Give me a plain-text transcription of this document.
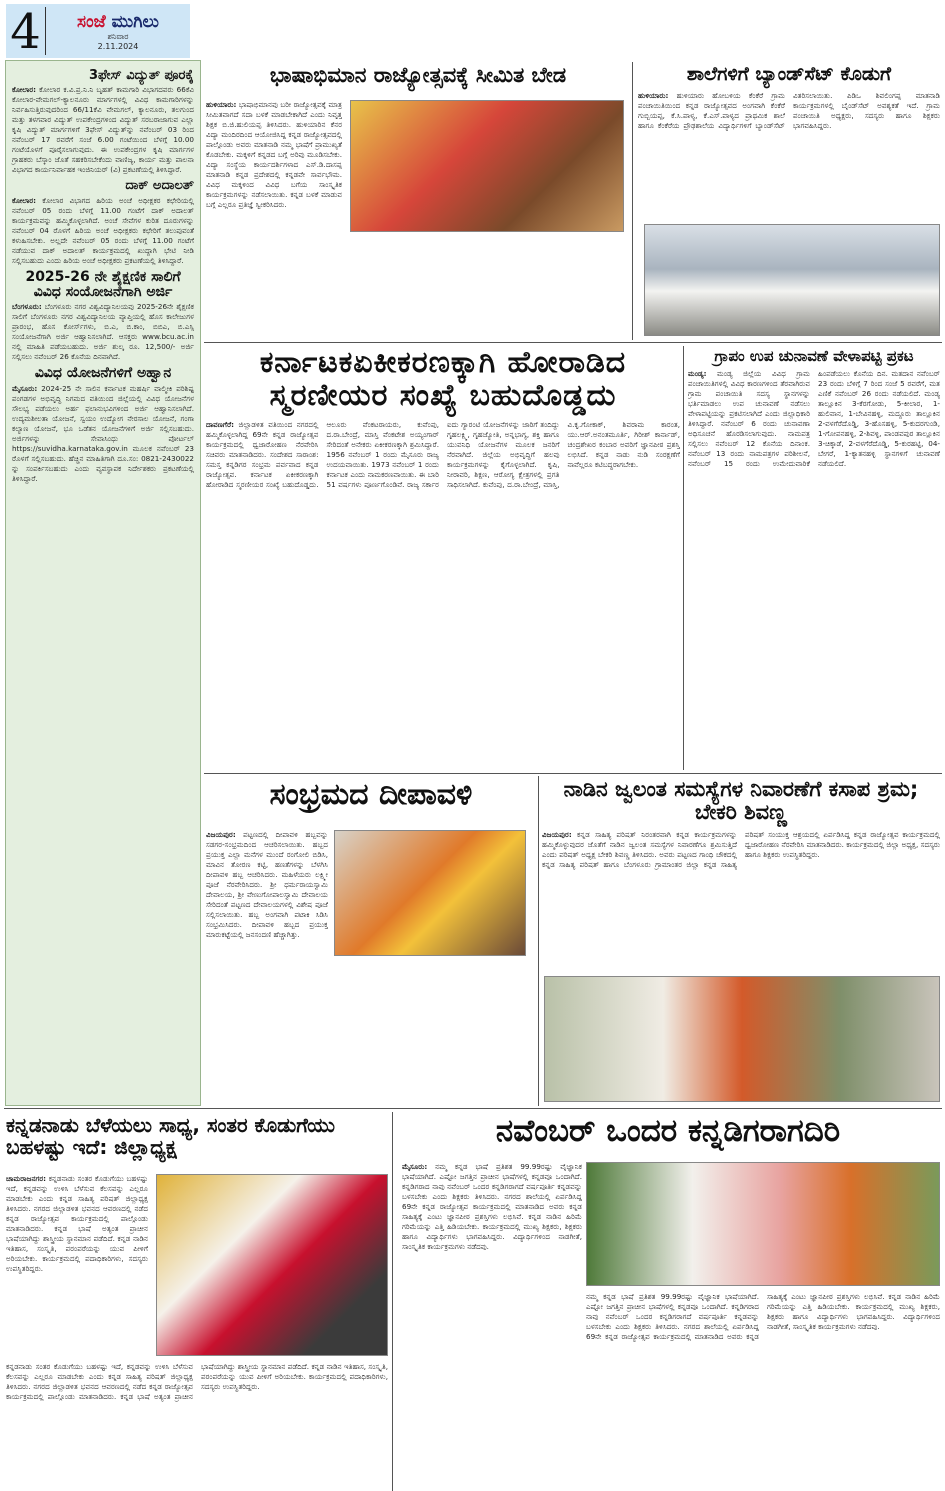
4	ಸಂಜೆ ಮುಗಿಲು
ಶನಿವಾರ
2.11.2024
3ಫೇಸ್ ವಿದ್ಯುತ್ ಪೂರಕೈ

ಕೋಲಾರ: ಕೋಲಾರ ಕ.ವಿ.ಪ್ರ.ನಿ.ನಿ ಬೃಹತ್ ಕಾಮಗಾರಿ ವಿಭಾಗದವರು 66ಕೆವಿ ಕೋಲಾರ-ವೇಮಗಲ್-ಕ್ಯಾಲನೂರು ಮಾರ್ಗಗಳಲ್ಲಿ ವಿವಿಧ ಕಾಮಗಾರಿಗಳನ್ನು ನಿರ್ವಹಿಸುತ್ತಿರುವುದರಿಂದ 66/11ಕೆವಿ ವೇಮಗಲ್, ಕ್ಯಾಲನೂರು, ತಲಗುಂದ ಮತ್ತು ತಳಗವಾರ ವಿದ್ಯುತ್ ಉಪಕೇಂದ್ರಗಳಿಂದ ವಿದ್ಯುತ್ ಸರಬರಾಜಾಗುವ ಎಲ್ಲಾ ಕೃಷಿ ವಿದ್ಯುತ್ ಮಾರ್ಗಗಳಿಗೆ 3ಫೇಸ್ ವಿದ್ಯುತ್‌ನ್ನು ನವೆಂಬರ್ 03 ರಿಂದ ನವೆಂಬರ್ 17 ರವರೆಗೆ ಸಂಜೆ 6.00 ಗಂಟೆಯಿಂದ ಬೆಳಗ್ಗೆ 10.00 ಗಂಟೆಯೊಳಗೆ ಪೂರೈಸಲಾಗುವುದು. ಈ ಉಪಕೇಂದ್ರಗಳ ಕೃಷಿ ಮಾರ್ಗಗಳ ಗ್ರಾಹಕರು ಬೆಸ್ಕಾಂ ಜೊತೆ ಸಹಕರಿಸಬೇಕೆಂದು ವಾಣಿಜ್ಯ, ಕಾರ್ಯ ಮತ್ತು ಪಾಲನಾ ವಿಭಾಗದ ಕಾರ್ಯನಿರ್ವಾಹಕ ಇಂಜಿನಿಯರ್ (ವಿ) ಪ್ರಕಟಣೆಯಲ್ಲಿ ತಿಳಿಸಿದ್ದಾರೆ.

ದಾಕ್ ಅದಾಲತ್

ಕೋಲಾರ: ಕೋಲಾರ ವಿಭಾಗದ ಹಿರಿಯ ಅಂಚೆ ಅಧೀಕ್ಷಕರ ಕಛೇರಿಯಲ್ಲಿ ನವೆಂಬರ್ 05 ರಂದು ಬೆಳಗ್ಗೆ 11.00 ಗಂಟೆಗೆ ದಾಕ್ ಅದಾಲತ್ ಕಾರ್ಯಕ್ರಮವನ್ನು ಹಮ್ಮಿಕೊಳ್ಳಲಾಗಿದೆ. ಅಂಚೆ ಸೇವೆಗಳ ಕುರಿತ ದೂರುಗಳನ್ನು ನವೆಂಬರ್ 04 ರೊಳಗೆ ಹಿರಿಯ ಅಂಚೆ ಅಧೀಕ್ಷಕರು ಕಛೇರಿಗೆ ತಲುಪುವಂತೆ ಕಳುಹಿಸಬೇಕು. ಅಲ್ಲದೇ ನವೆಂಬರ್ 05 ರಂದು ಬೆಳಗ್ಗೆ 11.00 ಗಂಟೆಗೆ ನಡೆಯುವ ದಾಕ್ ಅದಾಲತ್ ಕಾರ್ಯಕ್ರಮದಲ್ಲಿ ಖುದ್ದಾಗಿ ಭೇಟಿ ನೀಡಿ ಸಲ್ಲಿಸಬಹುದು ಎಂದು ಹಿರಿಯ ಅಂಚೆ ಅಧೀಕ್ಷಕರು ಪ್ರಕಟಣೆಯಲ್ಲಿ ತಿಳಿಸಿದ್ದಾರೆ.

2025-26 ನೇ ಶೈಕ್ಷಣಿಕ ಸಾಲಿಗೆ ವಿವಿಧ ಸಂಯೋಜನೆಗಾಗಿ ಅರ್ಜಿ

ಬೆಂಗಳೂರು: ಬೆಂಗಳೂರು ನಗರ ವಿಶ್ವವಿದ್ಯಾನಿಲಯವು 2025-26ನೇ ಶೈಕ್ಷಣಿಕ ಸಾಲಿಗೆ ಬೆಂಗಳೂರು ನಗರ ವಿಶ್ವವಿದ್ಯಾನಿಲಯ ವ್ಯಾಪ್ತಿಯಲ್ಲಿ ಹೊಸ ಕಾಲೇಜುಗಳ ಪ್ರಾರಂಭ, ಹೊಸ ಕೋರ್ಸ್‌ಗಳು, ಬಿ.ಎ, ಬಿ.ಕಾಂ, ಬಿಬಿಎ, ಬಿ.ಎಸ್ಸಿ ಸಂಯೋಜನೆಗಾಗಿ ಅರ್ಜಿ ಆಹ್ವಾನಿಸಲಾಗಿದೆ. ಆಸಕ್ತರು www.bcu.ac.in ನಲ್ಲಿ ಮಾಹಿತಿ ಪಡೆಯಬಹುದು. ಅರ್ಜಿ ಶುಲ್ಕ ರೂ. 12,500/- ಅರ್ಜಿ ಸಲ್ಲಿಸಲು ನವೆಂಬರ್ 26 ಕೊನೆಯ ದಿನವಾಗಿದೆ.

ವಿವಿಧ ಯೋಜನೆಗಳಿಗೆ ಅಹ್ವಾನ

ಮೈಸೂರು: 2024-25 ನೇ ಸಾಲಿನ ಕರ್ನಾಟಕ ಮಹರ್ಷಿ ವಾಲ್ಮೀಕಿ ಪರಿಶಿಷ್ಟ ಪಂಗಡಗಳ ಅಭಿವೃದ್ಧಿ ನಿಗಮದ ವತಿಯಿಂದ ಜಿಲ್ಲೆಯಲ್ಲಿ ವಿವಿಧ ಯೋಜನೆಗಳ ಸೌಲಭ್ಯ ಪಡೆಯಲು ಅರ್ಹ ಫಲಾನುಭವಿಗಳಿಂದ ಅರ್ಜಿ ಆಹ್ವಾನಿಸಲಾಗಿದೆ. ಉದ್ಯಮಶೀಲತಾ ಯೋಜನೆ, ಸ್ವಯಂ ಉದ್ಯೋಗ ನೇರಸಾಲ ಯೋಜನೆ, ಗಂಗಾ ಕಲ್ಯಾಣ ಯೋಜನೆ, ಭೂ ಒಡೆತನ ಯೋಜನೆಗಳಿಗೆ ಅರ್ಜಿ ಸಲ್ಲಿಸಬಹುದು. ಅರ್ಜಿಗಳನ್ನು ಸೇವಾಸಿಂಧು ಪೋರ್ಟಲ್ https://suvidha.karnataka.gov.in ಮೂಲಕ ನವೆಂಬರ್ 23 ರೊಳಗೆ ಸಲ್ಲಿಸಬಹುದು. ಹೆಚ್ಚಿನ ಮಾಹಿತಿಗಾಗಿ ದೂ.ಸಂ: 0821-2430022 ನ್ನು ಸಂಪರ್ಕಿಸಬಹುದು ಎಂದು ವ್ಯವಸ್ಥಾಪಕ ನಿರ್ದೇಶಕರು ಪ್ರಕಟಣೆಯಲ್ಲಿ ತಿಳಿಸಿದ್ದಾರೆ.

ಭಾಷಾಭಿಮಾನ ರಾಜ್ಯೋತ್ಸವಕ್ಕೆ ಸೀಮಿತ ಬೇಡ

ಹುಳಿಯಾರು: ಭಾಷಾಭಿಮಾನವು ಬರೀ ರಾಜ್ಯೋತ್ಸವಕ್ಕೆ ಮಾತ್ರ ಸೀಮಿತವಾಗದೆ ಸದಾ ಬಳಕೆ ಮಾಡಬೇಕಾಗಿದೆ ಎಂದು ನಿವೃತ್ತ ಶಿಕ್ಷಕ ಬಿ.ಜಿ.ಹುಲಿಯಪ್ಪ ತಿಳಿಸಿದರು. ಹುಳಿಯಾರಿನ ಕೆನರ ವಿದ್ಯಾ ಮಂದಿರದಿಂದ ಆಯೋಜಿಸಿದ್ದ ಕನ್ನಡ ರಾಜ್ಯೋತ್ಸವದಲ್ಲಿ ಪಾಲ್ಗೊಂಡು ಅವರು ಮಾತನಾಡಿ ನಮ್ಮ ಭಾಷೆಗೆ ಪ್ರಾಮುಖ್ಯತೆ ಕೊಡಬೇಕು. ಮಕ್ಕಳಿಗೆ ಕನ್ನಡದ ಬಗ್ಗೆ ಅರಿವು ಮೂಡಿಸಬೇಕು. ವಿದ್ಯಾ ಸಂಸ್ಥೆಯ ಕಾರ್ಯದರ್ಶಿಗಳಾದ ಎಸ್.ಡಿ.ದಾಸಪ್ಪ ಮಾತನಾಡಿ ಕನ್ನಡ ಪ್ರದೇಶದಲ್ಲಿ ಕನ್ನಡವೇ ಸಾರ್ವಭೌಮ. ವಿವಿಧ ಮಕ್ಕಳಿಂದ ವಿವಿಧ ಬಗೆಯ ಸಾಂಸ್ಕೃತಿಕ ಕಾರ್ಯಕ್ರಮಗಳನ್ನು ನಡೆಸಲಾಯಿತು. ಕನ್ನಡ ಬಳಕೆ ಮಾಡುವ ಬಗ್ಗೆ ಎಲ್ಲರೂ ಪ್ರತಿಜ್ಞೆ ಸ್ವೀಕರಿಸಿದರು.

ಶಾಲೆಗಳಿಗೆ ಬ್ಯಾಂಡ್‌ಸೆಟ್ ಕೊಡುಗೆ

ಹುಳಿಯಾರು: ಹುಳಿಯಾರು ಹೋಬಳಿಯ ಕೆಂಕೆರೆ ಗ್ರಾಮ ಪಂಚಾಯಿತಿಯಿಂದ ಕನ್ನಡ ರಾಜ್ಯೋತ್ಸವದ ಅಂಗವಾಗಿ ಕೆಂಕೆರೆ ಗುಬ್ಬಿಯಪ್ಪ, ಕೆ.ಸಿ.ಪಾಳ್ಯ, ಕೆ.ಎಸ್.ಪಾಳ್ಯದ ಪ್ರಾಥಮಿಕ ಶಾಲೆ ಹಾಗೂ ಕೆಂಕೆರೆಯ ಪ್ರೌಢಶಾಲೆಯ ವಿದ್ಯಾರ್ಥಿಗಳಿಗೆ ಬ್ಯಾಂಡ್‌ಸೆಟ್ ವಿತರಿಸಲಾಯಿತು. ಪಿಡಿಒ ಶಿವಲಿಂಗಪ್ಪ ಮಾತನಾಡಿ ಕಾರ್ಯಕ್ರಮಗಳಲ್ಲಿ ಬೈಂಡ್‌ಸೆಟ್ ಅವಶ್ಯಕತೆ ಇದೆ. ಗ್ರಾಮ ಪಂಚಾಯಿತಿ ಅಧ್ಯಕ್ಷರು, ಸದಸ್ಯರು ಹಾಗೂ ಶಿಕ್ಷಕರು ಭಾಗವಹಿಸಿದ್ದರು.

ಕರ್ನಾಟಕಏಕೀಕರಣಕ್ಕಾಗಿ ಹೋರಾಡಿದ
ಸ್ಮರಣೀಯರ ಸಂಖ್ಯೆ ಬಹುದೊಡ್ಡದು

ದಾವಣಗೆರೆ: ಜಿಲ್ಲಾಡಳಿತ ವತಿಯಿಂದ ನಗರದಲ್ಲಿ ಹಮ್ಮಿಕೊಳ್ಳಲಾಗಿದ್ದ 69ನೇ ಕನ್ನಡ ರಾಜ್ಯೋತ್ಸವ ಕಾರ್ಯಕ್ರಮದಲ್ಲಿ ಧ್ವಜಾರೋಹಣ ನೆರವೇರಿಸಿ ಸಚಿವರು ಮಾತನಾಡಿದರು. ಸಂದೇಶದ ಸಾರಾಂಶ: ಸಮಸ್ತ ಕನ್ನಡಿಗರ ಸಂಭ್ರಮ ಪರ್ವವಾದ ಕನ್ನಡ ರಾಜ್ಯೋತ್ಸವ. ಕರ್ನಾಟಕ ಏಕೀಕರಣಕ್ಕಾಗಿ ಹೋರಾಡಿದ ಸ್ಮರಣೀಯರ ಸಂಖ್ಯೆ ಬಹುದೊಡ್ಡದು. ಆಲೂರು ವೆಂಕಟರಾಯರು, ಕುವೆಂಪು, ದ.ರಾ.ಬೇಂದ್ರೆ, ಮಾಸ್ತಿ ವೆಂಕಟೇಶ ಅಯ್ಯಂಗಾರ್ ಸೇರಿದಂತೆ ಅನೇಕರು ಏಕೀಕರಣಕ್ಕಾಗಿ ಶ್ರಮಿಸಿದ್ದಾರೆ. 1956 ನವೆಂಬರ್ 1 ರಂದು ಮೈಸೂರು ರಾಜ್ಯ ಉದಯವಾಯಿತು. 1973 ನವೆಂಬರ್ 1 ರಂದು ಕರ್ನಾಟಕ ಎಂದು ನಾಮಕರಣವಾಯಿತು. ಈ ಬಾರಿ 51 ವರ್ಷಗಳು ಪೂರ್ಣಗೊಂಡಿವೆ. ರಾಜ್ಯ ಸರ್ಕಾರ ಐದು ಗ್ಯಾರಂಟಿ ಯೋಜನೆಗಳನ್ನು ಜಾರಿಗೆ ತಂದಿದ್ದು ಗೃಹಲಕ್ಷ್ಮಿ, ಗೃಹಜ್ಯೋತಿ, ಅನ್ನಭಾಗ್ಯ, ಶಕ್ತಿ ಹಾಗೂ ಯುವನಿಧಿ ಯೋಜನೆಗಳ ಮೂಲಕ ಜನರಿಗೆ ನೆರವಾಗಿದೆ. ಜಿಲ್ಲೆಯ ಅಭಿವೃದ್ಧಿಗೆ ಹಲವು ಕಾರ್ಯಕ್ರಮಗಳನ್ನು ಕೈಗೊಳ್ಳಲಾಗಿದೆ. ಕೃಷಿ, ನೀರಾವರಿ, ಶಿಕ್ಷಣ, ಆರೋಗ್ಯ ಕ್ಷೇತ್ರಗಳಲ್ಲಿ ಪ್ರಗತಿ ಸಾಧಿಸಲಾಗಿದೆ. ಕುವೆಂಪು, ದ.ರಾ.ಬೇಂದ್ರೆ, ಮಾಸ್ತಿ, ವಿ.ಕೃ.ಗೋಕಾಕ್, ಶಿವರಾಮ ಕಾರಂತ, ಯು.ಆರ್.ಅನಂತಮೂರ್ತಿ, ಗಿರೀಶ್ ಕಾರ್ನಾಡ್, ಚಂದ್ರಶೇಖರ ಕಂಬಾರ ಅವರಿಗೆ ಜ್ಞಾನಪೀಠ ಪ್ರಶಸ್ತಿ ಲಭಿಸಿದೆ. ಕನ್ನಡ ನಾಡು ನುಡಿ ಸಂರಕ್ಷಣೆಗೆ ನಾವೆಲ್ಲರೂ ಕಟಿಬದ್ಧರಾಗಬೇಕು.

ಗ್ರಾಪಂ ಉಪ ಚುನಾವಣೆ ವೇಳಾಪಟ್ಟಿ ಪ್ರಕಟ

ಮಂಡ್ಯ: ಮಂಡ್ಯ ಜಿಲ್ಲೆಯ ವಿವಿಧ ಗ್ರಾಮ ಪಂಚಾಯಿತಿಗಳಲ್ಲಿ ವಿವಿಧ ಕಾರಣಗಳಿಂದ ತೆರವಾಗಿರುವ ಗ್ರಾಮ ಪಂಚಾಯಿತಿ ಸದಸ್ಯ ಸ್ಥಾನಗಳನ್ನು ಭರ್ತಿಮಾಡಲು ಉಪ ಚುನಾವಣೆ ನಡೆಸಲು ವೇಳಾಪಟ್ಟಿಯನ್ನು ಪ್ರಕಟಿಸಲಾಗಿದೆ ಎಂದು ಜಿಲ್ಲಾಧಿಕಾರಿ ತಿಳಿಸಿದ್ದಾರೆ. ನವೆಂಬರ್ 6 ರಂದು ಚುನಾವಣಾ ಅಧಿಸೂಚನೆ ಹೊರಡಿಸಲಾಗುವುದು. ನಾಮಪತ್ರ ಸಲ್ಲಿಸಲು ನವೆಂಬರ್ 12 ಕೊನೆಯ ದಿನಾಂಕ. ನವೆಂಬರ್ 13 ರಂದು ನಾಮಪತ್ರಗಳ ಪರಿಶೀಲನೆ, ನವೆಂಬರ್ 15 ರಂದು ಉಮೇದುವಾರಿಕೆ ಹಿಂಪಡೆಯಲು ಕೊನೆಯ ದಿನ. ಮತದಾನ ನವೆಂಬರ್ 23 ರಂದು ಬೆಳಿಗ್ಗೆ 7 ರಿಂದ ಸಂಜೆ 5 ರವರೆಗೆ, ಮತ ಎಣಿಕೆ ನವೆಂಬರ್ 26 ರಂದು ನಡೆಯಲಿದೆ. ಮಂಡ್ಯ ತಾಲ್ಲೂಕಿನ 3-ಕೆರಗೋಡು, 5-ಕೀಲಾರ, 1-ಹುಲಿವಾನ, 1-ಬೇವಿನಹಳ್ಳಿ, ಮದ್ದೂರು ತಾಲ್ಲೂಕಿನ 2-ವಳಗೆರೆದೊಡ್ಡಿ, 3-ಹೊಸಹಳ್ಳಿ, 5-ಕುದರಗುಂಡಿ, 1-ಗೋಪನಹಳ್ಳಿ, 2-ಶಿವಳ್ಳಿ, ಪಾಂಡವಪುರ ತಾಲ್ಲೂಕಿನ 3-ಚಿಕ್ಕಾಡೆ, 2-ವಳಗೆರೆದೊಡ್ಡಿ, 5-ಕುರಹಟ್ಟಿ, 04-ಬೇಗರೆ, 1-ಕ್ಯಾತನಹಳ್ಳಿ ಸ್ಥಾನಗಳಿಗೆ ಚುನಾವಣೆ ನಡೆಯಲಿದೆ.

ಸಂಭ್ರಮದ ದೀಪಾವಳಿ

ವಿಜಯಪುರ: ಪಟ್ಟಣದಲ್ಲಿ ದೀಪಾವಳಿ ಹಬ್ಬವನ್ನು ಸಡಗರ-ಸಂಭ್ರಮದಿಂದ ಆಚರಿಸಲಾಯಿತು. ಹಬ್ಬದ ಪ್ರಯುಕ್ತ ಎಲ್ಲಾ ಮನೆಗಳ ಮುಂದೆ ರಂಗೋಲಿ ಬಿಡಿಸಿ, ಮಾವಿನ ತೋರಣ ಕಟ್ಟಿ, ಹಣತೆಗಳನ್ನು ಬೆಳಗಿಸಿ ದೀಪಾವಳಿ ಹಬ್ಬ ಆಚರಿಸಿದರು. ಮಹಿಳೆಯರು ಲಕ್ಷ್ಮೀ ಪೂಜೆ ನೆರವೇರಿಸಿದರು. ಶ್ರೀ ಧರ್ಮರಾಯಸ್ವಾಮಿ ದೇವಾಲಯ, ಶ್ರೀ ವೇಣುಗೋಪಾಲಸ್ವಾಮಿ ದೇವಾಲಯ ಸೇರಿದಂತೆ ಪಟ್ಟಣದ ದೇವಾಲಯಗಳಲ್ಲಿ ವಿಶೇಷ ಪೂಜೆ ಸಲ್ಲಿಸಲಾಯಿತು. ಹಬ್ಬ ಅಂಗವಾಗಿ ಪಟಾಕಿ ಸಿಡಿಸಿ ಸಂಭ್ರಮಿಸಿದರು. ದೀಪಾವಳಿ ಹಬ್ಬದ ಪ್ರಯುಕ್ತ ಮಾರುಕಟ್ಟೆಯಲ್ಲಿ ಜನಸಂದಣಿ ಹೆಚ್ಚಾಗಿತ್ತು.

ನಾಡಿನ ಜ್ವಲಂತ ಸಮಸ್ಯೆಗಳ ನಿವಾರಣೆಗೆ ಕಸಾಪ ಶ್ರಮ; ಬೇಕರಿ ಶಿವಣ್ಣ

ವಿಜಯಪುರ: ಕನ್ನಡ ಸಾಹಿತ್ಯ ಪರಿಷತ್ ನಿರಂತರವಾಗಿ ಕನ್ನಡ ಕಾರ್ಯಕ್ರಮಗಳನ್ನು ಹಮ್ಮಿಕೊಳ್ಳುವುದರ ಜೊತೆಗೆ ನಾಡಿನ ಜ್ವಲಂತ ಸಮಸ್ಯೆಗಳ ನಿವಾರಣೆಗೂ ಶ್ರಮಿಸುತ್ತಿದೆ ಎಂದು ಪರಿಷತ್ ಅಧ್ಯಕ್ಷ ಬೇಕರಿ ಶಿವಣ್ಣ ತಿಳಿಸಿದರು. ಅವರು ಪಟ್ಟಣದ ಗಾಂಧಿ ಚೌಕದಲ್ಲಿ ಕನ್ನಡ ಸಾಹಿತ್ಯ ಪರಿಷತ್ ಹಾಗೂ ಬೆಂಗಳೂರು ಗ್ರಾಮಾಂತರ ಜಿಲ್ಲಾ ಕನ್ನಡ ಸಾಹಿತ್ಯ ಪರಿಷತ್ ಸಂಯುಕ್ತ ಆಶ್ರಯದಲ್ಲಿ ಏರ್ಪಡಿಸಿದ್ದ ಕನ್ನಡ ರಾಜ್ಯೋತ್ಸವ ಕಾರ್ಯಕ್ರಮದಲ್ಲಿ ಧ್ವಜಾರೋಹಣ ನೆರವೇರಿಸಿ ಮಾತನಾಡಿದರು. ಕಾರ್ಯಕ್ರಮದಲ್ಲಿ ಜಿಲ್ಲಾ ಅಧ್ಯಕ್ಷ, ಸದಸ್ಯರು ಹಾಗೂ ಶಿಕ್ಷಕರು ಉಪಸ್ಥಿತರಿದ್ದರು.

ಕನ್ನಡನಾಡು ಬೆಳೆಯಲು ಸಾಧ್ಯ, ಸಂತರ ಕೊಡುಗೆಯು ಬಹಳಷ್ಟು ಇದೆ: ಜಿಲ್ಲಾಧ್ಯಕ್ಷ

ಚಾಮರಾಜನಗರ: ಕನ್ನಡನಾಡು ಸಂತರ ಕೊಡುಗೆಯು ಬಹಳಷ್ಟು ಇದೆ, ಕನ್ನಡವನ್ನು ಉಳಿಸಿ ಬೆಳೆಸುವ ಕೆಲಸವನ್ನು ಎಲ್ಲರೂ ಮಾಡಬೇಕು ಎಂದು ಕನ್ನಡ ಸಾಹಿತ್ಯ ಪರಿಷತ್ ಜಿಲ್ಲಾಧ್ಯಕ್ಷ ತಿಳಿಸಿದರು. ನಗರದ ಜಿಲ್ಲಾಡಳಿತ ಭವನದ ಆವರಣದಲ್ಲಿ ನಡೆದ ಕನ್ನಡ ರಾಜ್ಯೋತ್ಸವ ಕಾರ್ಯಕ್ರಮದಲ್ಲಿ ಪಾಲ್ಗೊಂಡು ಮಾತನಾಡಿದರು. ಕನ್ನಡ ಭಾಷೆ ಅತ್ಯಂತ ಪ್ರಾಚೀನ ಭಾಷೆಯಾಗಿದ್ದು ಶಾಸ್ತ್ರೀಯ ಸ್ಥಾನಮಾನ ಪಡೆದಿದೆ. ಕನ್ನಡ ನಾಡಿನ ಇತಿಹಾಸ, ಸಂಸ್ಕೃತಿ, ಪರಂಪರೆಯನ್ನು ಯುವ ಪೀಳಿಗೆ ಅರಿಯಬೇಕು. ಕಾರ್ಯಕ್ರಮದಲ್ಲಿ ಪದಾಧಿಕಾರಿಗಳು, ಸದಸ್ಯರು ಉಪಸ್ಥಿತರಿದ್ದರು.

ಕನ್ನಡನಾಡು ಸಂತರ ಕೊಡುಗೆಯು ಬಹಳಷ್ಟು ಇದೆ, ಕನ್ನಡವನ್ನು ಉಳಿಸಿ ಬೆಳೆಸುವ ಕೆಲಸವನ್ನು ಎಲ್ಲರೂ ಮಾಡಬೇಕು ಎಂದು ಕನ್ನಡ ಸಾಹಿತ್ಯ ಪರಿಷತ್ ಜಿಲ್ಲಾಧ್ಯಕ್ಷ ತಿಳಿಸಿದರು. ನಗರದ ಜಿಲ್ಲಾಡಳಿತ ಭವನದ ಆವರಣದಲ್ಲಿ ನಡೆದ ಕನ್ನಡ ರಾಜ್ಯೋತ್ಸವ ಕಾರ್ಯಕ್ರಮದಲ್ಲಿ ಪಾಲ್ಗೊಂಡು ಮಾತನಾಡಿದರು. ಕನ್ನಡ ಭಾಷೆ ಅತ್ಯಂತ ಪ್ರಾಚೀನ ಭಾಷೆಯಾಗಿದ್ದು ಶಾಸ್ತ್ರೀಯ ಸ್ಥಾನಮಾನ ಪಡೆದಿದೆ. ಕನ್ನಡ ನಾಡಿನ ಇತಿಹಾಸ, ಸಂಸ್ಕೃತಿ, ಪರಂಪರೆಯನ್ನು ಯುವ ಪೀಳಿಗೆ ಅರಿಯಬೇಕು. ಕಾರ್ಯಕ್ರಮದಲ್ಲಿ ಪದಾಧಿಕಾರಿಗಳು, ಸದಸ್ಯರು ಉಪಸ್ಥಿತರಿದ್ದರು.

ನವೆಂಬರ್ ಒಂದರ ಕನ್ನಡಿಗರಾಗದಿರಿ

ಮೈಸೂರು: ನಮ್ಮ ಕನ್ನಡ ಭಾಷೆ ಪ್ರತಿಶತ 99.99ರಷ್ಟು ವೈಜ್ಞಾನಿಕ ಭಾಷೆಯಾಗಿದೆ. ಎಷ್ಟೋ ಜಗತ್ತಿನ ಪ್ರಾಚೀನ ಭಾಷೆಗಳಲ್ಲಿ ಕನ್ನಡವೂ ಒಂದಾಗಿದೆ. ಕನ್ನಡಿಗರಾದ ನಾವು ನವೆಂಬರ್ ಒಂದರ ಕನ್ನಡಿಗರಾಗದೆ ವರ್ಷಪೂರ್ತಿ ಕನ್ನಡವನ್ನು ಬಳಸಬೇಕು ಎಂದು ಶಿಕ್ಷಕರು ತಿಳಿಸಿದರು. ನಗರದ ಶಾಲೆಯಲ್ಲಿ ಏರ್ಪಡಿಸಿದ್ದ 69ನೇ ಕನ್ನಡ ರಾಜ್ಯೋತ್ಸವ ಕಾರ್ಯಕ್ರಮದಲ್ಲಿ ಮಾತನಾಡಿದ ಅವರು ಕನ್ನಡ ಸಾಹಿತ್ಯಕ್ಕೆ ಎಂಟು ಜ್ಞಾನಪೀಠ ಪ್ರಶಸ್ತಿಗಳು ಲಭಿಸಿವೆ. ಕನ್ನಡ ನಾಡಿನ ಹಿರಿಮೆ ಗರಿಮೆಯನ್ನು ಎತ್ತಿ ಹಿಡಿಯಬೇಕು. ಕಾರ್ಯಕ್ರಮದಲ್ಲಿ ಮುಖ್ಯ ಶಿಕ್ಷಕರು, ಶಿಕ್ಷಕರು ಹಾಗೂ ವಿದ್ಯಾರ್ಥಿಗಳು ಭಾಗವಹಿಸಿದ್ದರು. ವಿದ್ಯಾರ್ಥಿಗಳಿಂದ ನಾಡಗೀತೆ, ಸಾಂಸ್ಕೃತಿಕ ಕಾರ್ಯಕ್ರಮಗಳು ನಡೆದವು.

ನಮ್ಮ ಕನ್ನಡ ಭಾಷೆ ಪ್ರತಿಶತ 99.99ರಷ್ಟು ವೈಜ್ಞಾನಿಕ ಭಾಷೆಯಾಗಿದೆ. ಎಷ್ಟೋ ಜಗತ್ತಿನ ಪ್ರಾಚೀನ ಭಾಷೆಗಳಲ್ಲಿ ಕನ್ನಡವೂ ಒಂದಾಗಿದೆ. ಕನ್ನಡಿಗರಾದ ನಾವು ನವೆಂಬರ್ ಒಂದರ ಕನ್ನಡಿಗರಾಗದೆ ವರ್ಷಪೂರ್ತಿ ಕನ್ನಡವನ್ನು ಬಳಸಬೇಕು ಎಂದು ಶಿಕ್ಷಕರು ತಿಳಿಸಿದರು. ನಗರದ ಶಾಲೆಯಲ್ಲಿ ಏರ್ಪಡಿಸಿದ್ದ 69ನೇ ಕನ್ನಡ ರಾಜ್ಯೋತ್ಸವ ಕಾರ್ಯಕ್ರಮದಲ್ಲಿ ಮಾತನಾಡಿದ ಅವರು ಕನ್ನಡ ಸಾಹಿತ್ಯಕ್ಕೆ ಎಂಟು ಜ್ಞಾನಪೀಠ ಪ್ರಶಸ್ತಿಗಳು ಲಭಿಸಿವೆ. ಕನ್ನಡ ನಾಡಿನ ಹಿರಿಮೆ ಗರಿಮೆಯನ್ನು ಎತ್ತಿ ಹಿಡಿಯಬೇಕು. ಕಾರ್ಯಕ್ರಮದಲ್ಲಿ ಮುಖ್ಯ ಶಿಕ್ಷಕರು, ಶಿಕ್ಷಕರು ಹಾಗೂ ವಿದ್ಯಾರ್ಥಿಗಳು ಭಾಗವಹಿಸಿದ್ದರು. ವಿದ್ಯಾರ್ಥಿಗಳಿಂದ ನಾಡಗೀತೆ, ಸಾಂಸ್ಕೃತಿಕ ಕಾರ್ಯಕ್ರಮಗಳು ನಡೆದವು.
